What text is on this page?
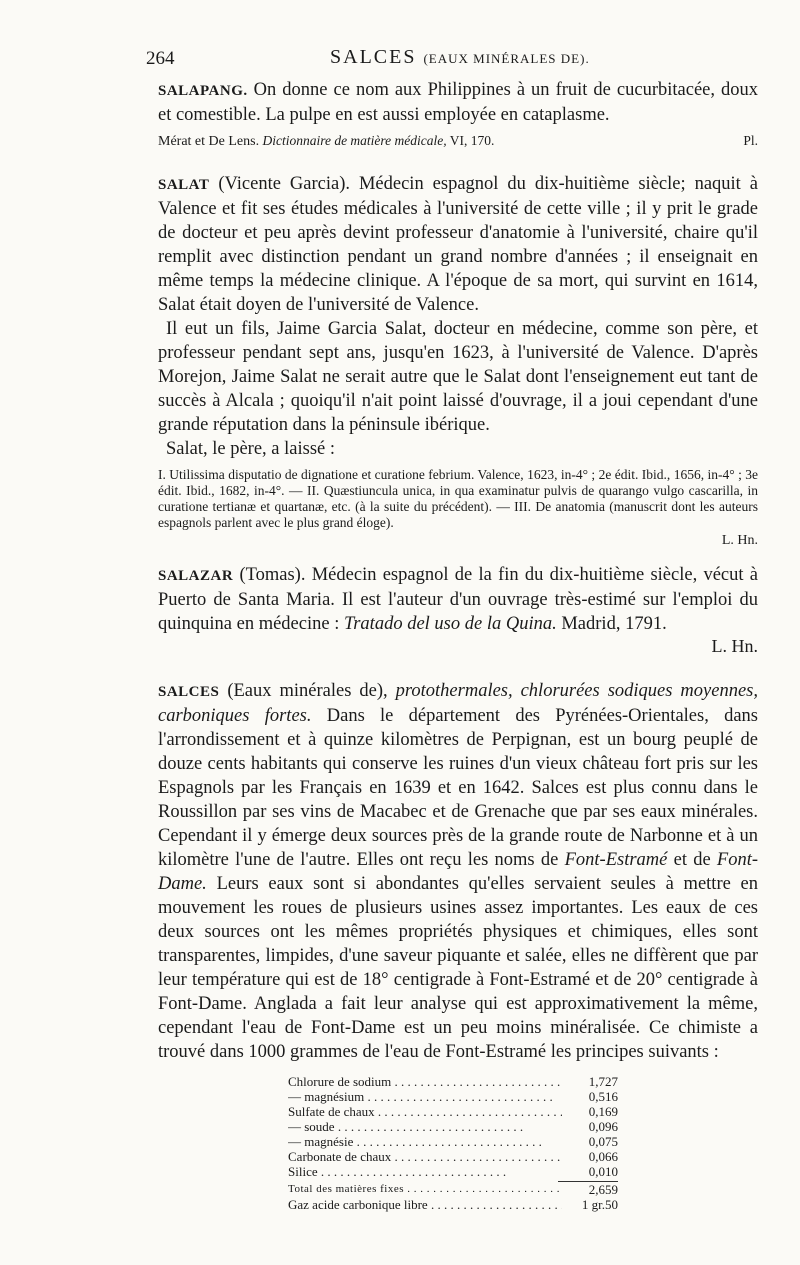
264	SALCES (EAUX MINÉRALES DE).

SALAPANG. On donne ce nom aux Philippines à un fruit de cucurbitacée, doux et comestible. La pulpe en est aussi employée en cataplasme.

Mérat et De Lens. Dictionnaire de matière médicale, VI, 170.	Pl.

SALAT (Vicente Garcia). Médecin espagnol du dix-huitième siècle; naquit à Valence et fit ses études médicales à l'université de cette ville ; il y prit le grade de docteur et peu après devint professeur d'anatomie à l'université, chaire qu'il remplit avec distinction pendant un grand nombre d'années ; il enseignait en même temps la médecine clinique. A l'époque de sa mort, qui survint en 1614, Salat était doyen de l'université de Valence.

Il eut un fils, Jaime Garcia Salat, docteur en médecine, comme son père, et professeur pendant sept ans, jusqu'en 1623, à l'université de Valence. D'après Morejon, Jaime Salat ne serait autre que le Salat dont l'enseignement eut tant de succès à Alcala ; quoiqu'il n'ait point laissé d'ouvrage, il a joui cependant d'une grande réputation dans la péninsule ibérique.

Salat, le père, a laissé :

I. Utilissima disputatio de dignatione et curatione febrium. Valence, 1623, in-4° ; 2e édit. Ibid., 1656, in-4° ; 3e édit. Ibid., 1682, in-4°. — II. Quæstiuncula unica, in qua examinatur pulvis de quarango vulgo cascarilla, in curatione tertianæ et quartanæ, etc. (à la suite du précédent). — III. De anatomia (manuscrit dont les auteurs espagnols parlent avec le plus grand éloge).
L. Hn.

SALAZAR (Tomas). Médecin espagnol de la fin du dix-huitième siècle, vécut à Puerto de Santa Maria. Il est l'auteur d'un ouvrage très-estimé sur l'emploi du quinquina en médecine : Tratado del uso de la Quina. Madrid, 1791.

L. Hn.

SALCES (Eaux minérales de), protothermales, chlorurées sodiques moyennes, carboniques fortes. Dans le département des Pyrénées-Orientales, dans l'arrondissement et à quinze kilomètres de Perpignan, est un bourg peuplé de douze cents habitants qui conserve les ruines d'un vieux château fort pris sur les Espagnols par les Français en 1639 et en 1642. Salces est plus connu dans le Roussillon par ses vins de Macabec et de Grenache que par ses eaux minérales. Cependant il y émerge deux sources près de la grande route de Narbonne et à un kilomètre l'une de l'autre. Elles ont reçu les noms de Font-Estramé et de Font-Dame. Leurs eaux sont si abondantes qu'elles servaient seules à mettre en mouvement les roues de plusieurs usines assez importantes. Les eaux de ces deux sources ont les mêmes propriétés physiques et chimiques, elles sont transparentes, limpides, d'une saveur piquante et salée, elles ne diffèrent que par leur température qui est de 18° centigrade à Font-Estramé et de 20° centigrade à Font-Dame. Anglada a fait leur analyse qui est approximativement la même, cependant l'eau de Font-Dame est un peu moins minéralisée. Ce chimiste a trouvé dans 1000 grammes de l'eau de Font-Estramé les principes suivants :

Chlorure de sodium . . .	1,727
— magnésium . . .	0,516
Sulfate de chaux . . .	0,169
— soude . . .	0,096
— magnésie . . .	0,075
Carbonate de chaux . . .	0,066
Silice . . .	0,010
Total des matières fixes . . .	2,659
Gaz acide carbonique libre . . .	1 gr.50
